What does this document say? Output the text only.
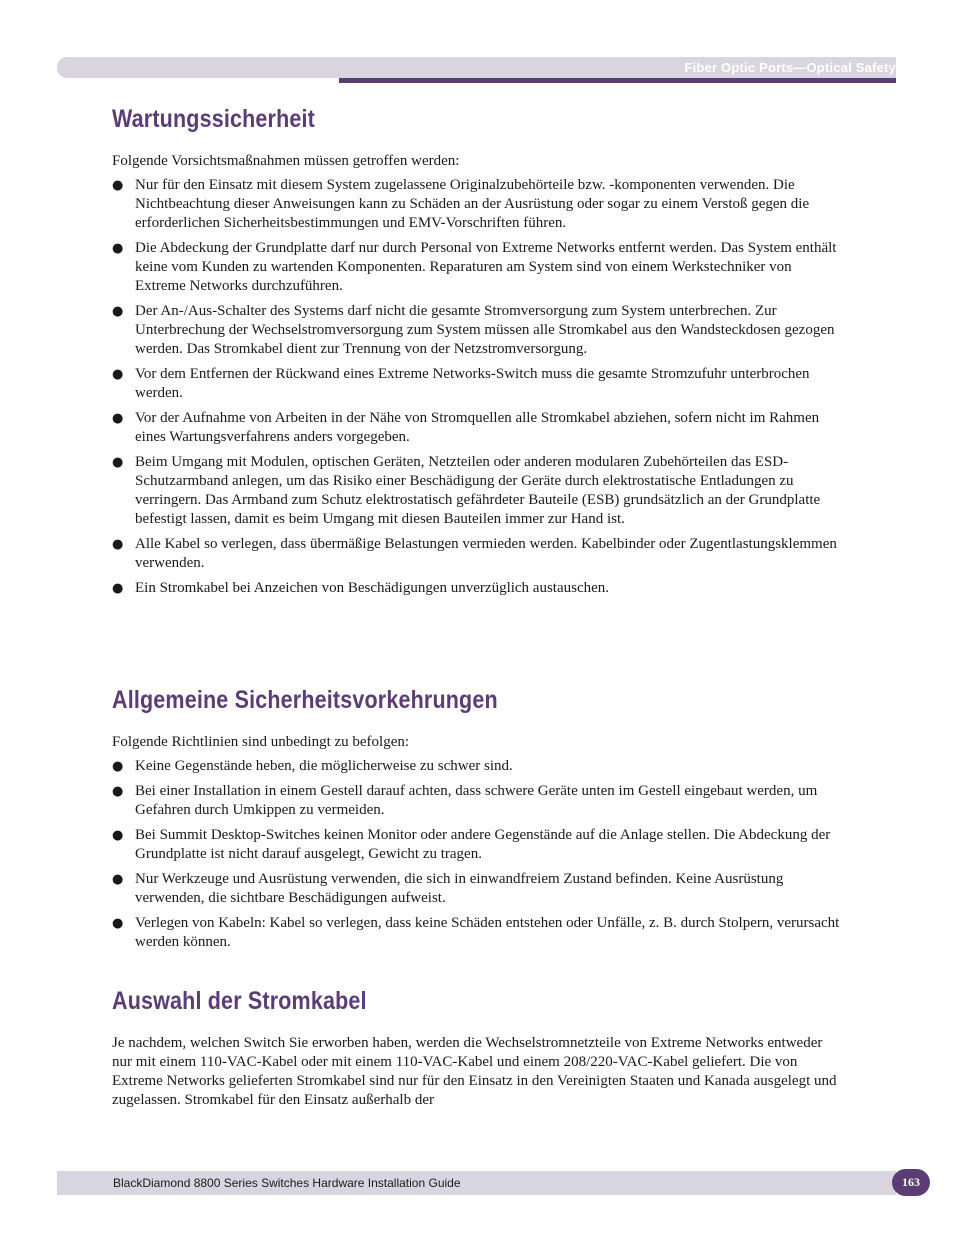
Fiber Optic Ports—Optical Safety
Wartungssicherheit

Folgende Vorsichtsmaßnahmen müssen getroffen werden:

● Nur für den Einsatz mit diesem System zugelassene Originalzubehörteile bzw. -komponenten verwenden. Die Nichtbeachtung dieser Anweisungen kann zu Schäden an der Ausrüstung oder sogar zu einem Verstoß gegen die erforderlichen Sicherheitsbestimmungen und EMV-Vorschriften führen.
● Die Abdeckung der Grundplatte darf nur durch Personal von Extreme Networks entfernt werden. Das System enthält keine vom Kunden zu wartenden Komponenten. Reparaturen am System sind von einem Werkstechniker von Extreme Networks durchzuführen.
● Der An-/Aus-Schalter des Systems darf nicht die gesamte Stromversorgung zum System unterbrechen. Zur Unterbrechung der Wechselstromversorgung zum System müssen alle Stromkabel aus den Wandsteckdosen gezogen werden. Das Stromkabel dient zur Trennung von der Netzstromversorgung.
● Vor dem Entfernen der Rückwand eines Extreme Networks-Switch muss die gesamte Stromzufuhr unterbrochen werden.
● Vor der Aufnahme von Arbeiten in der Nähe von Stromquellen alle Stromkabel abziehen, sofern nicht im Rahmen eines Wartungsverfahrens anders vorgegeben.
● Beim Umgang mit Modulen, optischen Geräten, Netzteilen oder anderen modularen Zubehörteilen das ESD-Schutzarmband anlegen, um das Risiko einer Beschädigung der Geräte durch elektrostatische Entladungen zu verringern. Das Armband zum Schutz elektrostatisch gefährdeter Bauteile (ESB) grundsätzlich an der Grundplatte befestigt lassen, damit es beim Umgang mit diesen Bauteilen immer zur Hand ist.
● Alle Kabel so verlegen, dass übermäßige Belastungen vermieden werden. Kabelbinder oder Zugentlastungsklemmen verwenden.
● Ein Stromkabel bei Anzeichen von Beschädigungen unverzüglich austauschen.
Allgemeine Sicherheitsvorkehrungen

Folgende Richtlinien sind unbedingt zu befolgen:

● Keine Gegenstände heben, die möglicherweise zu schwer sind.
● Bei einer Installation in einem Gestell darauf achten, dass schwere Geräte unten im Gestell eingebaut werden, um Gefahren durch Umkippen zu vermeiden.
● Bei Summit Desktop-Switches keinen Monitor oder andere Gegenstände auf die Anlage stellen. Die Abdeckung der Grundplatte ist nicht darauf ausgelegt, Gewicht zu tragen.
● Nur Werkzeuge und Ausrüstung verwenden, die sich in einwandfreiem Zustand befinden. Keine Ausrüstung verwenden, die sichtbare Beschädigungen aufweist.
● Verlegen von Kabeln: Kabel so verlegen, dass keine Schäden entstehen oder Unfälle, z. B. durch Stolpern, verursacht werden können.
Auswahl der Stromkabel

Je nachdem, welchen Switch Sie erworben haben, werden die Wechselstromnetzteile von Extreme Networks entweder nur mit einem 110-VAC-Kabel oder mit einem 110-VAC-Kabel und einem 208/220-VAC-Kabel geliefert. Die von Extreme Networks gelieferten Stromkabel sind nur für den Einsatz in den Vereinigten Staaten und Kanada ausgelegt und zugelassen. Stromkabel für den Einsatz außerhalb der

BlackDiamond 8800 Series Switches Hardware Installation Guide	163
